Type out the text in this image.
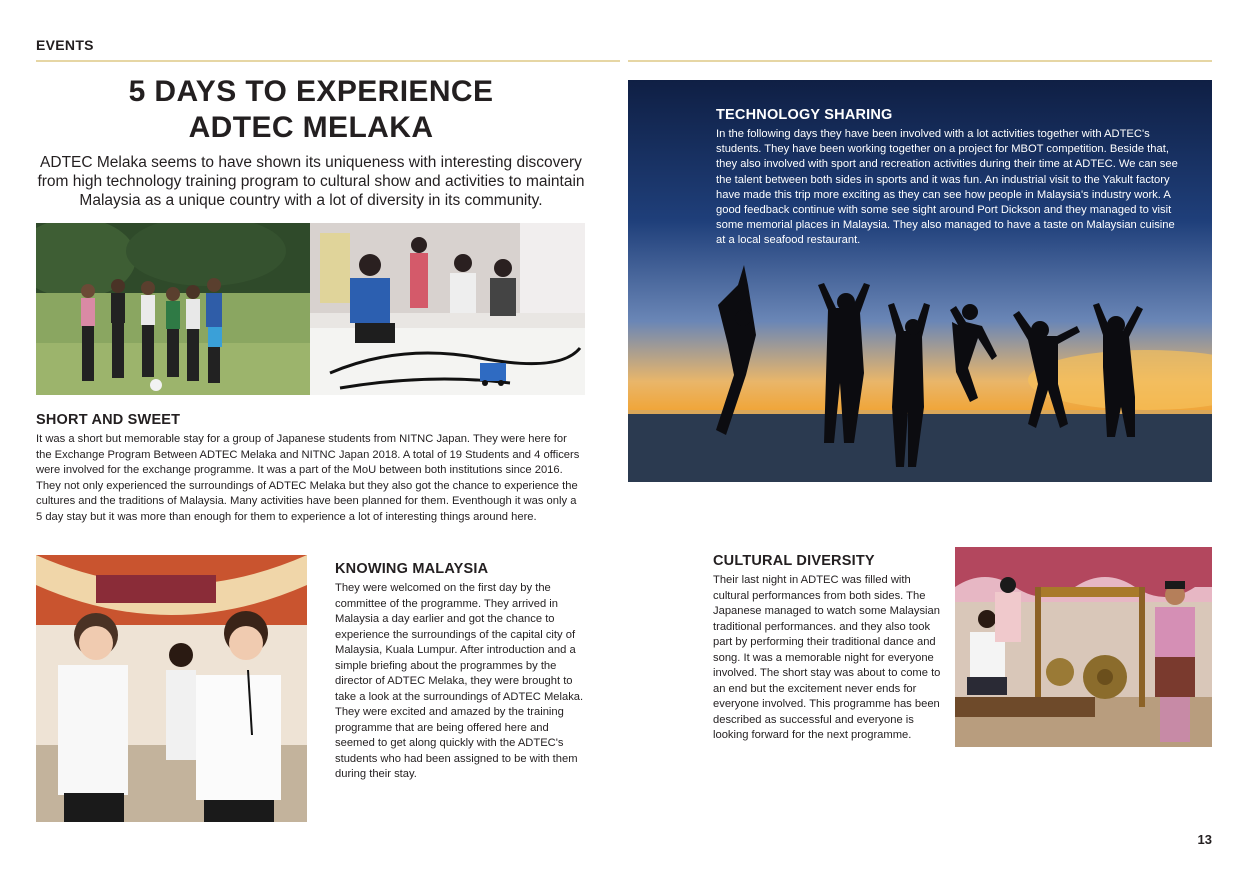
EVENTS
5 DAYS TO EXPERIENCE
ADTEC MELAKA
ADTEC Melaka seems to have shown its uniqueness with interesting discovery from high technology training program to cultural show and activities to maintain Malaysia as a unique country with a lot of diversity in its community.
SHORT AND SWEET
It was a short but memorable stay for a group of Japanese students from NITNC Japan. They were here for the Exchange Program Between ADTEC Melaka and NITNC Japan 2018. A total of 19 Students and 4 officers were involved for the exchange programme. It was a part of the MoU between both institutions since 2016. They not only experienced the surroundings of ADTEC Melaka but they also got the chance to experience the cultures and the traditions of Malaysia. Many activities have been planned for them. Eventhough it was only a 5 day stay but it was more than enough for them to experience a lot of interesting things around here.
KNOWING MALAYSIA
They were welcomed on the first day by the committee of the programme. They arrived in Malaysia a day earlier and got the chance to experience the surroundings of the capital city of Malaysia, Kuala Lumpur. After introduction and a simple briefing about the programmes by the director of ADTEC Melaka, they were brought to take a look at the surroundings of ADTEC Melaka. They were excited and amazed by the training programme that are being offered here and seemed to get along quickly with the ADTEC's students who had been assigned to be with them during their stay.
TECHNOLOGY SHARING
In the following days they have been involved with a lot activities together with ADTEC's students. They have been working together on a project for MBOT competition. Beside that, they also involved with sport and recreation activities during their time at ADTEC. We can see the talent between both sides in sports and it was fun. An industrial visit to the Yakult factory have made this trip more exciting as they can see how people in Malaysia's industry work. A good feedback continue with some see sight around Port Dickson and they managed to visit some memorial places in Malaysia. They also managed to have a taste on Malaysian cuisine at a local seafood restaurant.
CULTURAL DIVERSITY
Their last night in ADTEC was filled with cultural performances from both sides. The Japanese managed to watch some Malaysian traditional performances. and they also took part by performing their traditional dance and song. It was a memorable night for everyone involved. The short stay was about to come to an end but the excitement never ends for everyone involved. This programme has been described as successful and everyone is looking forward for the next programme.
13
